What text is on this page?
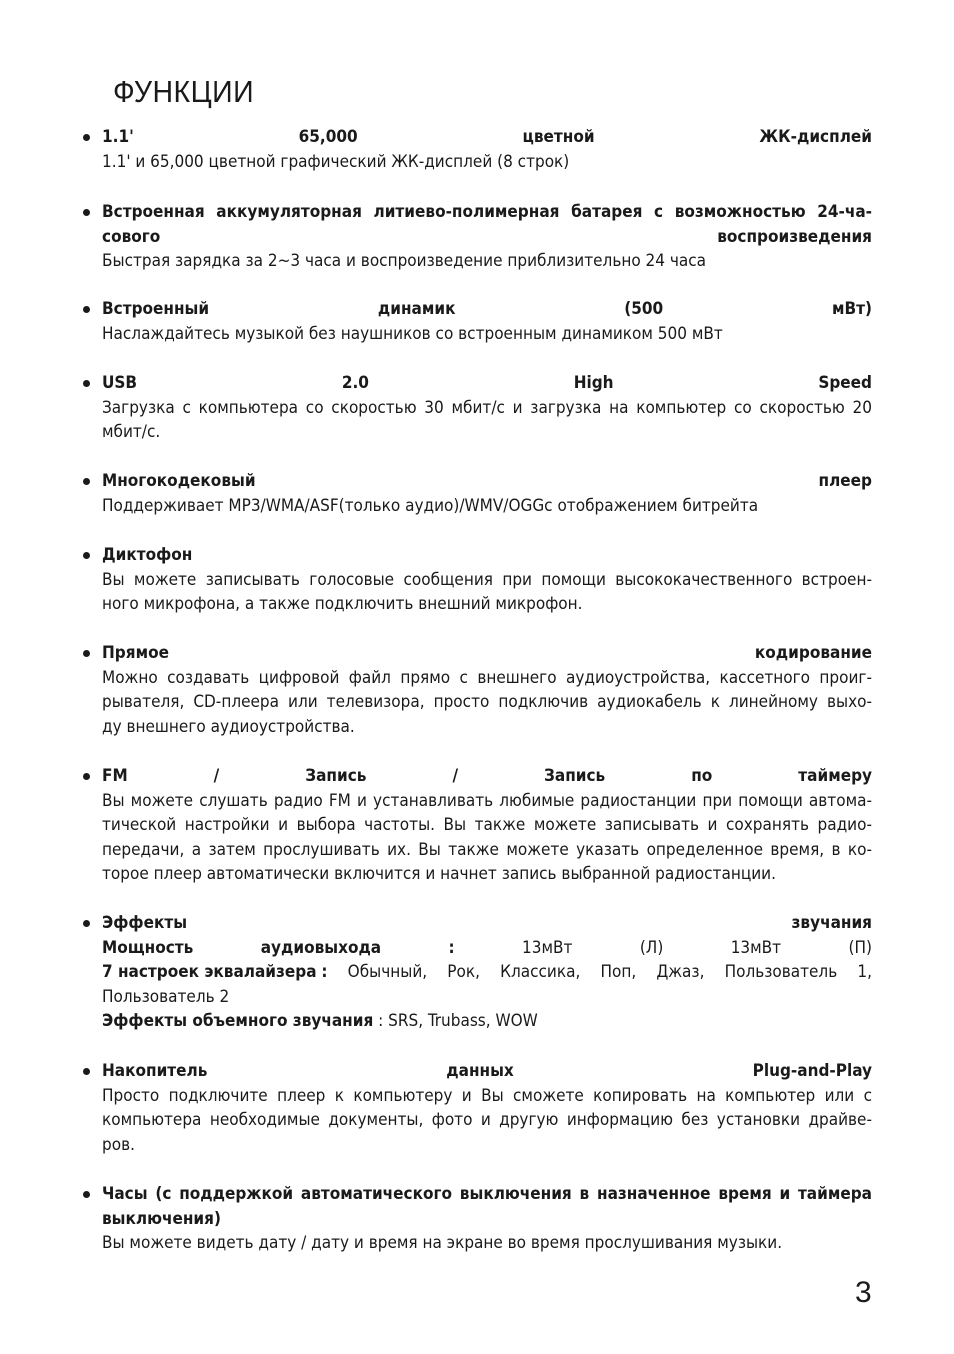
ФУНКЦИИ
1.1' 65,000 цветной ЖК-дисплей
1.1' и 65,000 цветной графический ЖК-дисплей (8 строк)
Встроенная аккумуляторная литиево-полимерная батарея с возможностью 24-ча-
сового воспроизведения
Быстрая зарядка за 2~3 часа и воспроизведение приблизительно 24 часа
Встроенный динамик (500 мВт)
Наслаждайтесь музыкой без наушников со встроенным динамиком 500 мВт
USB 2.0 High Speed
Загрузка с компьютера со скоростью 30 мбит/с и загрузка на компьютер со скоростью 20
мбит/с.
Многокодековый плеер
Поддерживает MP3/WMA/ASF(только аудио)/WMV/OGGc отображением битрейта
Диктофон
Вы можете записывать голосовые сообщения при помощи высококачественного встроен-
ного микрофона, а также подключить внешний микрофон.
Прямое кодирование
Можно создавать цифровой файл прямо с внешнего аудиоустройства, кассетного проиг-
рывателя, CD-плеера или телевизора, просто подключив аудиокабель к линейному выхо-
ду внешнего аудиоустройства.
FM / Запись / Запись по таймеру
Вы можете слушать радио FM и устанавливать любимые радиостанции при помощи автома-
тической настройки и выбора частоты. Вы также можете записывать и сохранять радио-
передачи, а затем прослушивать их. Вы также можете указать определенное время, в ко-
торое плеер автоматически включится и начнет запись выбранной радиостанции.
Эффекты звучания
Мощность	аудиовыхода	:	13мВт	(Л)	13мВт	(П)
7 настроек эквалайзера : Обычный, Рок, Классика, Поп, Джаз, Пользователь 1,
Пользователь 2
Эффекты объемного звучания : SRS, Trubass, WOW
Накопитель данных Plug-and-Play
Просто подключите плеер к компьютеру и Вы сможете копировать на компьютер или с
компьютера необходимые документы, фото и другую информацию без установки драйве-
ров.
Часы (с поддержкой автоматического выключения в назначенное время и таймера
выключения)
Вы можете видеть дату / дату и время на экране во время прослушивания музыки.
3
